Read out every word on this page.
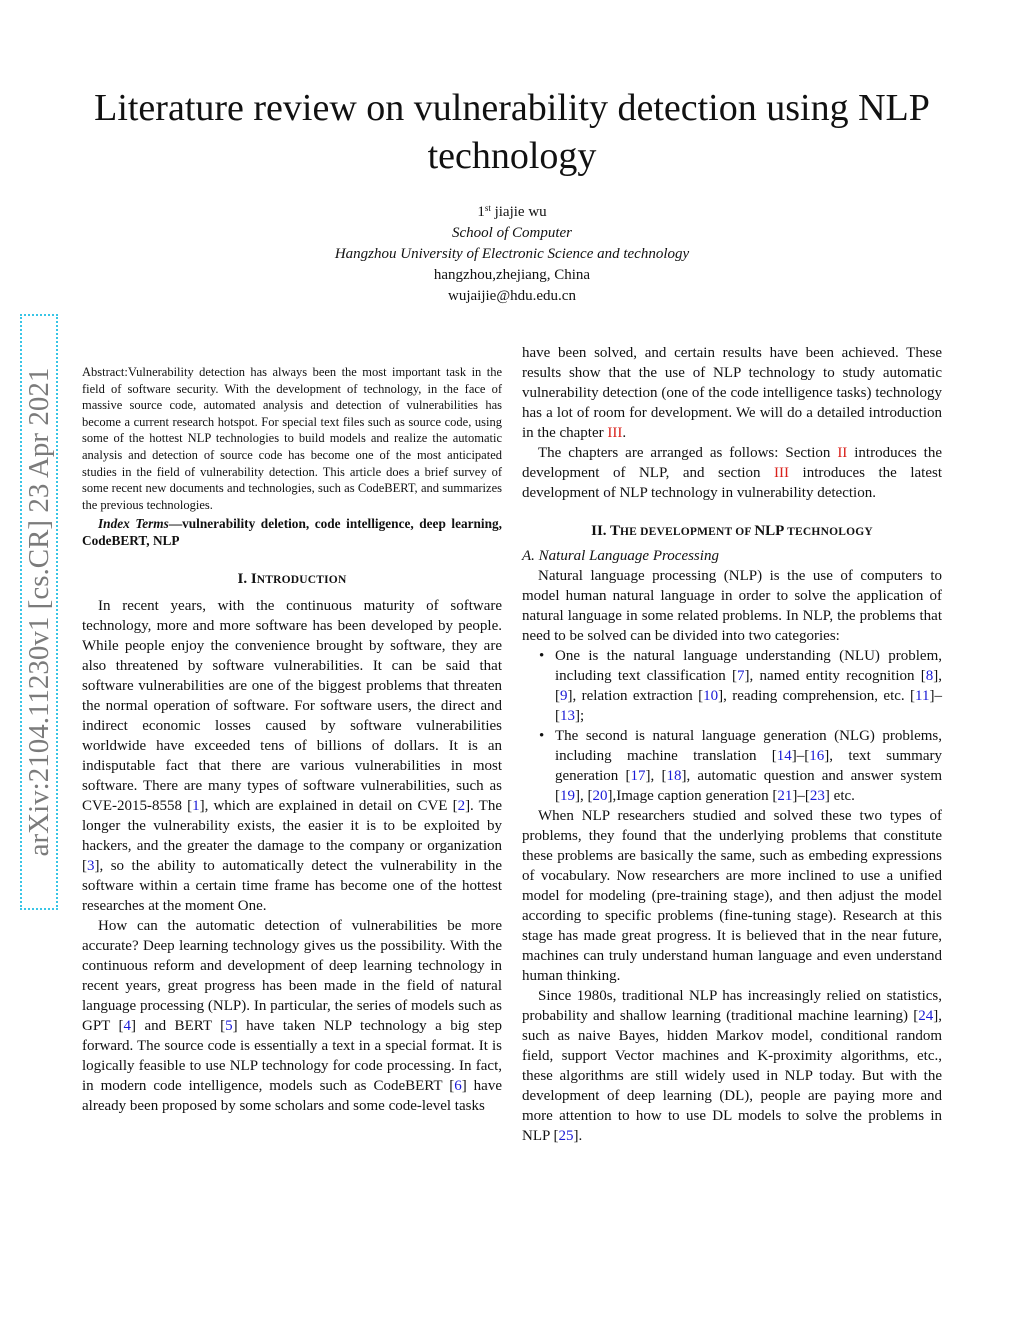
Literature review on vulnerability detection using NLP technology
1st jiajie wu
School of Computer
Hangzhou University of Electronic Science and technology
hangzhou,zhejiang, China
wujaijie@hdu.edu.cn
arXiv:2104.11230v1 [cs.CR] 23 Apr 2021 Abstract:Vulnerability detection has always been the most important task in the field of software security. With the development of technology, in the face of massive source code, automated analysis and detection of vulnerabilities has become a current research hotspot. For special text files such as source code, using some of the hottest NLP technologies to build models and realize the automatic analysis and detection of source code has become one of the most anticipated studies in the field of vulnerability detection. This article does a brief survey of some recent new documents and technologies, such as CodeBERT, and summarizes the previous technologies.

Index Terms—vulnerability deletion, code intelligence, deep learning, CodeBERT, NLP

I. INTRODUCTION

In recent years, with the continuous maturity of software technology, more and more software has been developed by people. While people enjoy the convenience brought by software, they are also threatened by software vulnerabilities. It can be said that software vulnerabilities are one of the biggest problems that threaten the normal operation of software. For software users, the direct and indirect economic losses caused by software vulnerabilities worldwide have exceeded tens of billions of dollars. It is an indisputable fact that there are various vulnerabilities in most software. There are many types of software vulnerabilities, such as CVE-2015-8558 [1], which are explained in detail on CVE [2]. The longer the vulnerability exists, the easier it is to be exploited by hackers, and the greater the damage to the company or organization [3], so the ability to automatically detect the vulnerability in the software within a certain time frame has become one of the hottest researches at the moment One.

How can the automatic detection of vulnerabilities be more accurate? Deep learning technology gives us the possibility. With the continuous reform and development of deep learning technology in recent years, great progress has been made in the field of natural language processing (NLP). In particular, the series of models such as GPT [4] and BERT [5] have taken NLP technology a big step forward. The source code is essentially a text in a special format. It is logically feasible to use NLP technology for code processing. In fact, in modern code intelligence, models such as CodeBERT [6] have already been proposed by some scholars and some code-level tasks

have been solved, and certain results have been achieved. These results show that the use of NLP technology to study automatic vulnerability detection (one of the code intelligence tasks) technology has a lot of room for development. We will do a detailed introduction in the chapter III.

The chapters are arranged as follows: Section II introduces the development of NLP, and section III introduces the latest development of NLP technology in vulnerability detection.

II. THE DEVELOPMENT OF NLP TECHNOLOGY

A. Natural Language Processing

Natural language processing (NLP) is the use of computers to model human natural language in order to solve the application of natural language in some related problems. In NLP, the problems that need to be solved can be divided into two categories:

• One is the natural language understanding (NLU) problem, including text classification [7], named entity recognition [8], [9], relation extraction [10], reading comprehension, etc. [11]–[13];
• The second is natural language generation (NLG) problems, including machine translation [14]–[16], text summary generation [17], [18], automatic question and answer system [19], [20],Image caption generation [21]–[23] etc.

When NLP researchers studied and solved these two types of problems, they found that the underlying problems that constitute these problems are basically the same, such as embeding expressions of vocabulary. Now researchers are more inclined to use a unified model for modeling (pre-training stage), and then adjust the model according to specific problems (fine-tuning stage). Research at this stage has made great progress. It is believed that in the near future, machines can truly understand human language and even understand human thinking.

Since 1980s, traditional NLP has increasingly relied on statistics, probability and shallow learning (traditional machine learning) [24], such as naive Bayes, hidden Markov model, conditional random field, support Vector machines and K-proximity algorithms, etc., these algorithms are still widely used in NLP today. But with the development of deep learning (DL), people are paying more and more attention to how to use DL models to solve the problems in NLP [25].
